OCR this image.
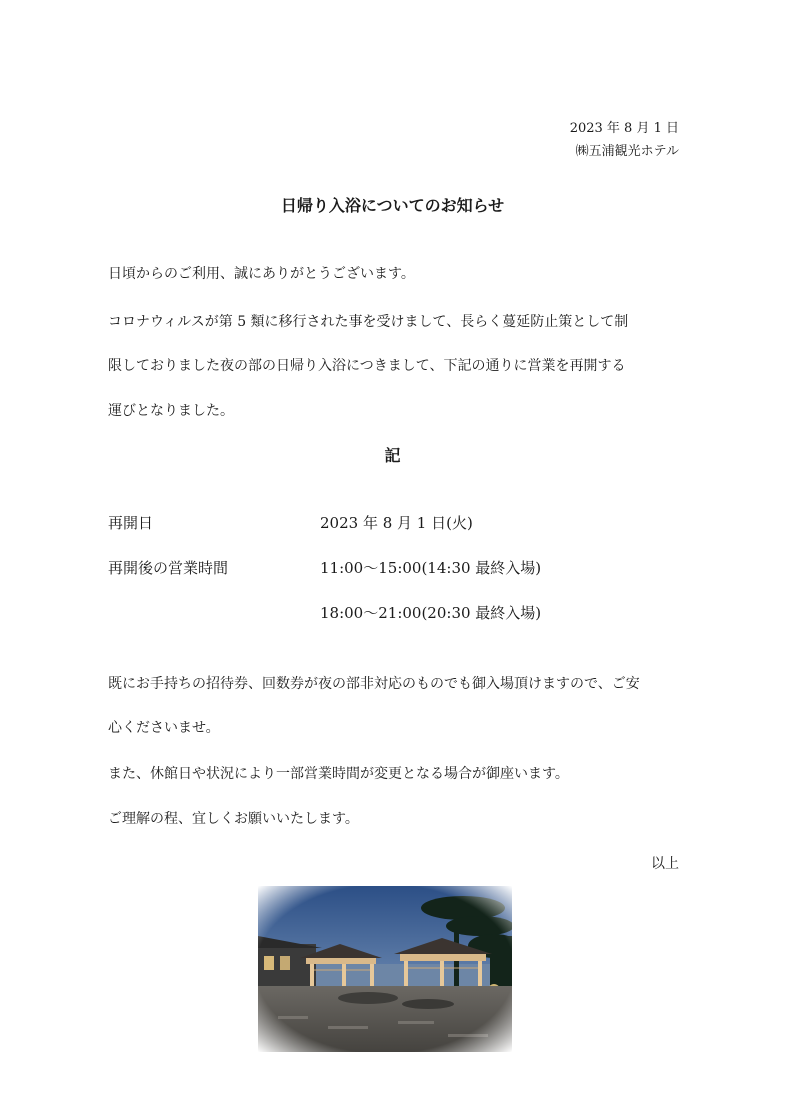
2023 年 8 月 1 日
㈱五浦観光ホテル
日帰り入浴についてのお知らせ
日頃からのご利用、誠にありがとうございます。
コロナウィルスが第 5 類に移行された事を受けまして、長らく蔓延防止策として制
限しておりました夜の部の日帰り入浴につきまして、下記の通りに営業を再開する
運びとなりました。
記
再開日	2023 年 8 月 1 日(火)
再開後の営業時間	11:00〜15:00(14:30 最終入場)
18:00〜21:00(20:30 最終入場)
既にお手持ちの招待券、回数券が夜の部非対応のものでも御入場頂けますので、ご安
心くださいませ。
また、休館日や状況により一部営業時間が変更となる場合が御座います。
ご理解の程、宜しくお願いいたします。
以上
